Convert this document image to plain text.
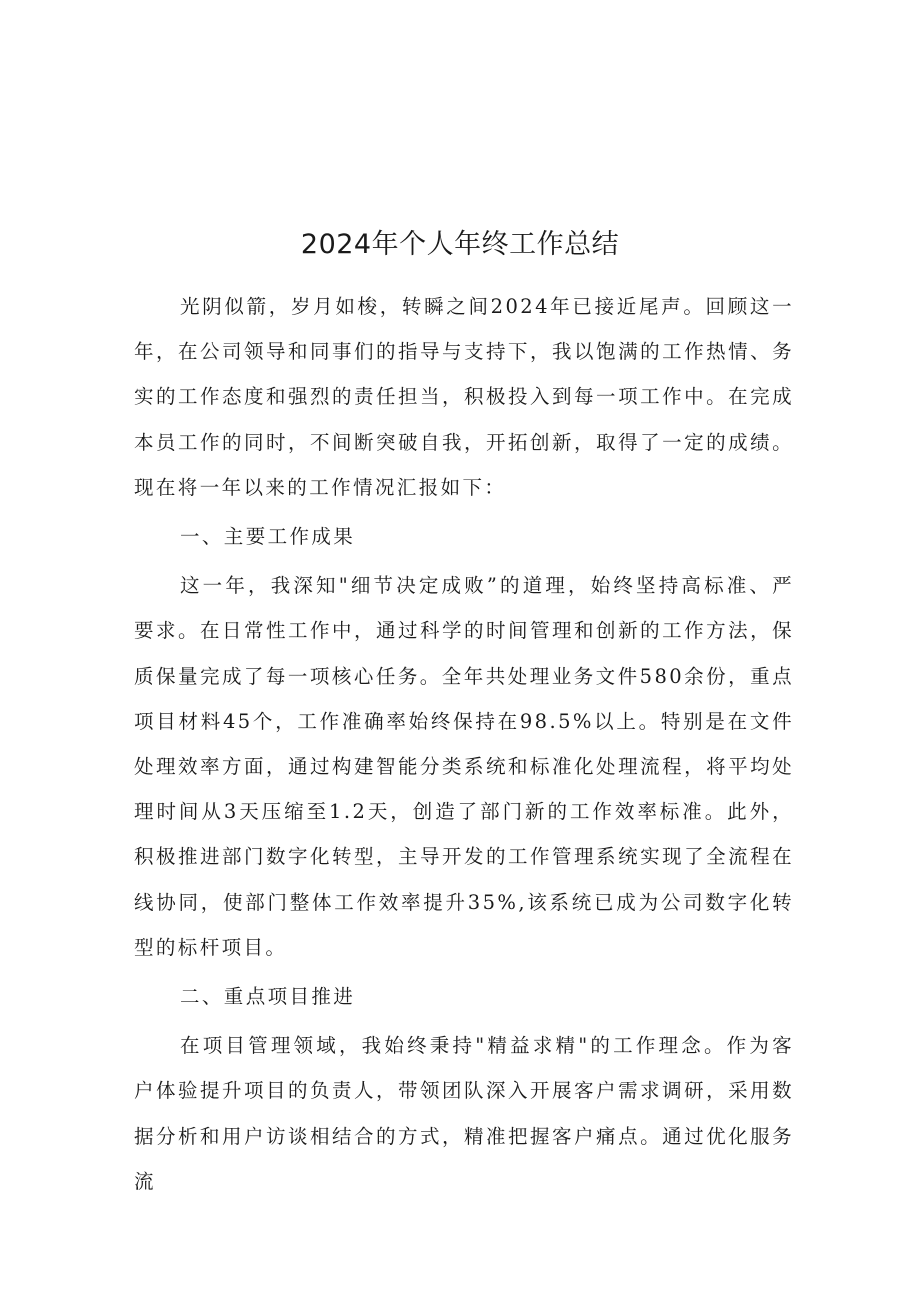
2024年个人年终工作总结

光阴似箭，岁月如梭，转瞬之间2024年已接近尾声。回顾这一年，在公司领导和同事们的指导与支持下，我以饱满的工作热情、务实的工作态度和强烈的责任担当，积极投入到每一项工作中。在完成本员工作的同时，不间断突破自我，开拓创新，取得了一定的成绩。现在将一年以来的工作情况汇报如下：

一、主要工作成果

这一年，我深知"细节决定成败”的道理，始终坚持高标准、严要求。在日常性工作中，通过科学的时间管理和创新的工作方法，保质保量完成了每一项核心任务。全年共处理业务文件580余份，重点项目材料45个，工作准确率始终保持在98.5%以上。特别是在文件处理效率方面，通过构建智能分类系统和标准化处理流程，将平均处理时间从3天压缩至1.2天，创造了部门新的工作效率标准。此外，积极推进部门数字化转型，主导开发的工作管理系统实现了全流程在线协同，使部门整体工作效率提升35%,该系统已成为公司数字化转型的标杆项目。

二、重点项目推进

在项目管理领域，我始终秉持"精益求精"的工作理念。作为客户体验提升项目的负责人，带领团队深入开展客户需求调研，采用数据分析和用户访谈相结合的方式，精准把握客户痛点。通过优化服务流
